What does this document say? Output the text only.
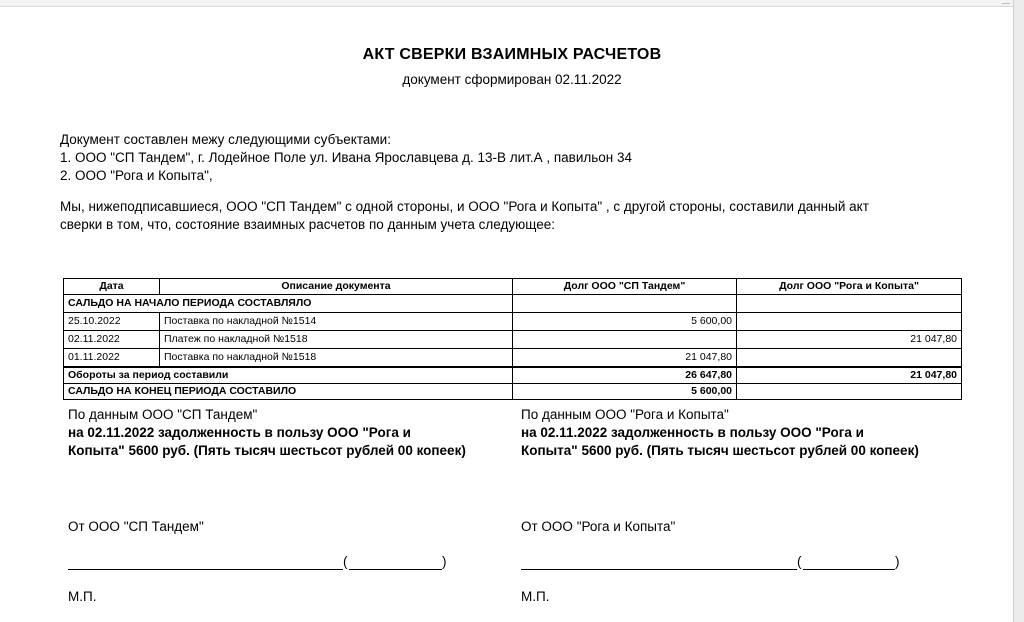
АКТ СВЕРКИ ВЗАИМНЫХ РАСЧЕТОВ
документ сформирован 02.11.2022
Документ составлен межу следующими субъектами:
1. ООО "СП Тандем", г. Лодейное Поле ул. Ивана Ярославцева д. 13-В лит.А , павильон 34
2. ООО "Рога и Копыта",
Мы, нижеподписавшиеся, ООО "СП Тандем" с одной стороны, и ООО "Рога и Копыта" , с другой стороны, составили данный акт
сверки в том, что, состояние взаимных расчетов по данным учета следующее:
Дата	Описание документа	Долг ООО "СП Тандем"	Долг ООО "Рога и Копыта"
САЛЬДО НА НАЧАЛО ПЕРИОДА СОСТАВЛЯЛО			
25.10.2022	Поставка по накладной №1514	5 600,00	
02.11.2022	Платеж по накладной №1518		21 047,80
01.11.2022	Поставка по накладной №1518	21 047,80	
Обороты за период составили		26 647,80	21 047,80
САЛЬДО НА КОНЕЦ ПЕРИОДА СОСТАВИЛО		5 600,00	
По данным ООО "СП Тандем"
на 02.11.2022 задолженность в пользу ООО "Рога и
Копыта" 5600 руб. (Пять тысяч шестьсот рублей 00 копеек)
От ООО "СП Тандем"
(	)
М.П.
По данным ООО "Рога и Копыта"
на 02.11.2022 задолженность в пользу ООО "Рога и
Копыта" 5600 руб. (Пять тысяч шестьсот рублей 00 копеек)
От ООО "Рога и Копыта"
(	)
М.П.
